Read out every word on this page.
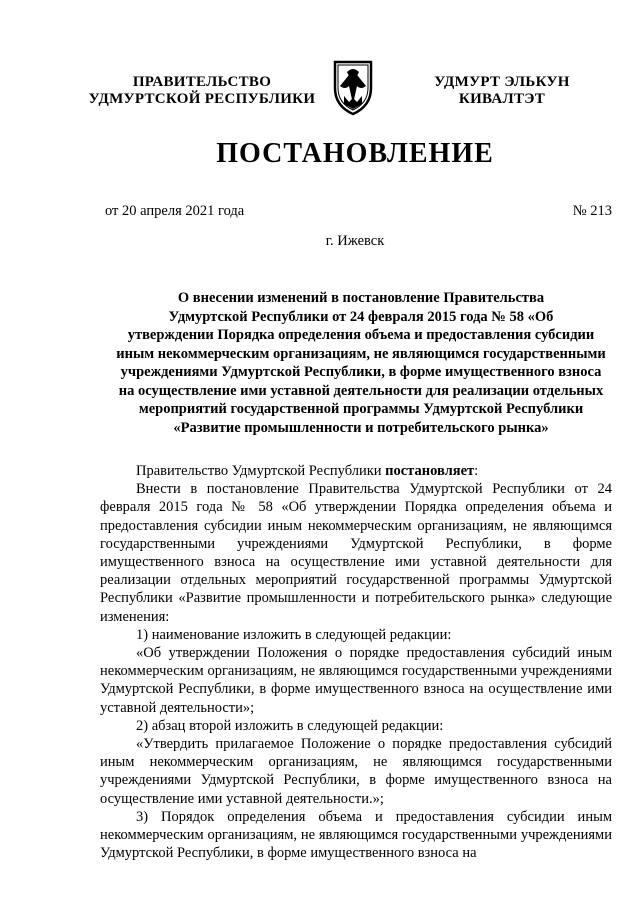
ПРАВИТЕЛЬСТВО
УДМУРТСКОЙ РЕСПУБЛИКИ
УДМУРТ ЭЛЬКУН
КИВАЛТЭТ
ПОСТАНОВЛЕНИЕ
от 20 апреля 2021 года	№ 213
г. Ижевск
О внесении изменений в постановление Правительства
Удмуртской Республики от 24 февраля 2015 года № 58 «Об
утверждении Порядка определения объема и предоставления субсидии
иным некоммерческим организациям, не являющимся государственными
учреждениями Удмуртской Республики, в форме имущественного взноса
на осуществление ими уставной деятельности для реализации отдельных
мероприятий государственной программы Удмуртской Республики
«Развитие промышленности и потребительского рынка»

Правительство Удмуртской Республики постановляет:

Внести в постановление Правительства Удмуртской Республики от 24 февраля 2015 года № 58 «Об утверждении Порядка определения объема и предоставления субсидии иным некоммерческим организациям, не являющимся государственными учреждениями Удмуртской Республики, в форме имущественного взноса на осуществление ими уставной деятельности для реализации отдельных мероприятий государственной программы Удмуртской Республики «Развитие промышленности и потребительского рынка» следующие изменения:

1) наименование изложить в следующей редакции:

«Об утверждении Положения о порядке предоставления субсидий иным некоммерческим организациям, не являющимся государственными учреждениями Удмуртской Республики, в форме имущественного взноса на осуществление ими уставной деятельности»;

2) абзац второй изложить в следующей редакции:

«Утвердить прилагаемое Положение о порядке предоставления субсидий иным некоммерческим организациям, не являющимся государственными учреждениями Удмуртской Республики, в форме имущественного взноса на осуществление ими уставной деятельности.»;

3) Порядок определения объема и предоставления субсидии иным некоммерческим организациям, не являющимся государственными учреждениями Удмуртской Республики, в форме имущественного взноса на
